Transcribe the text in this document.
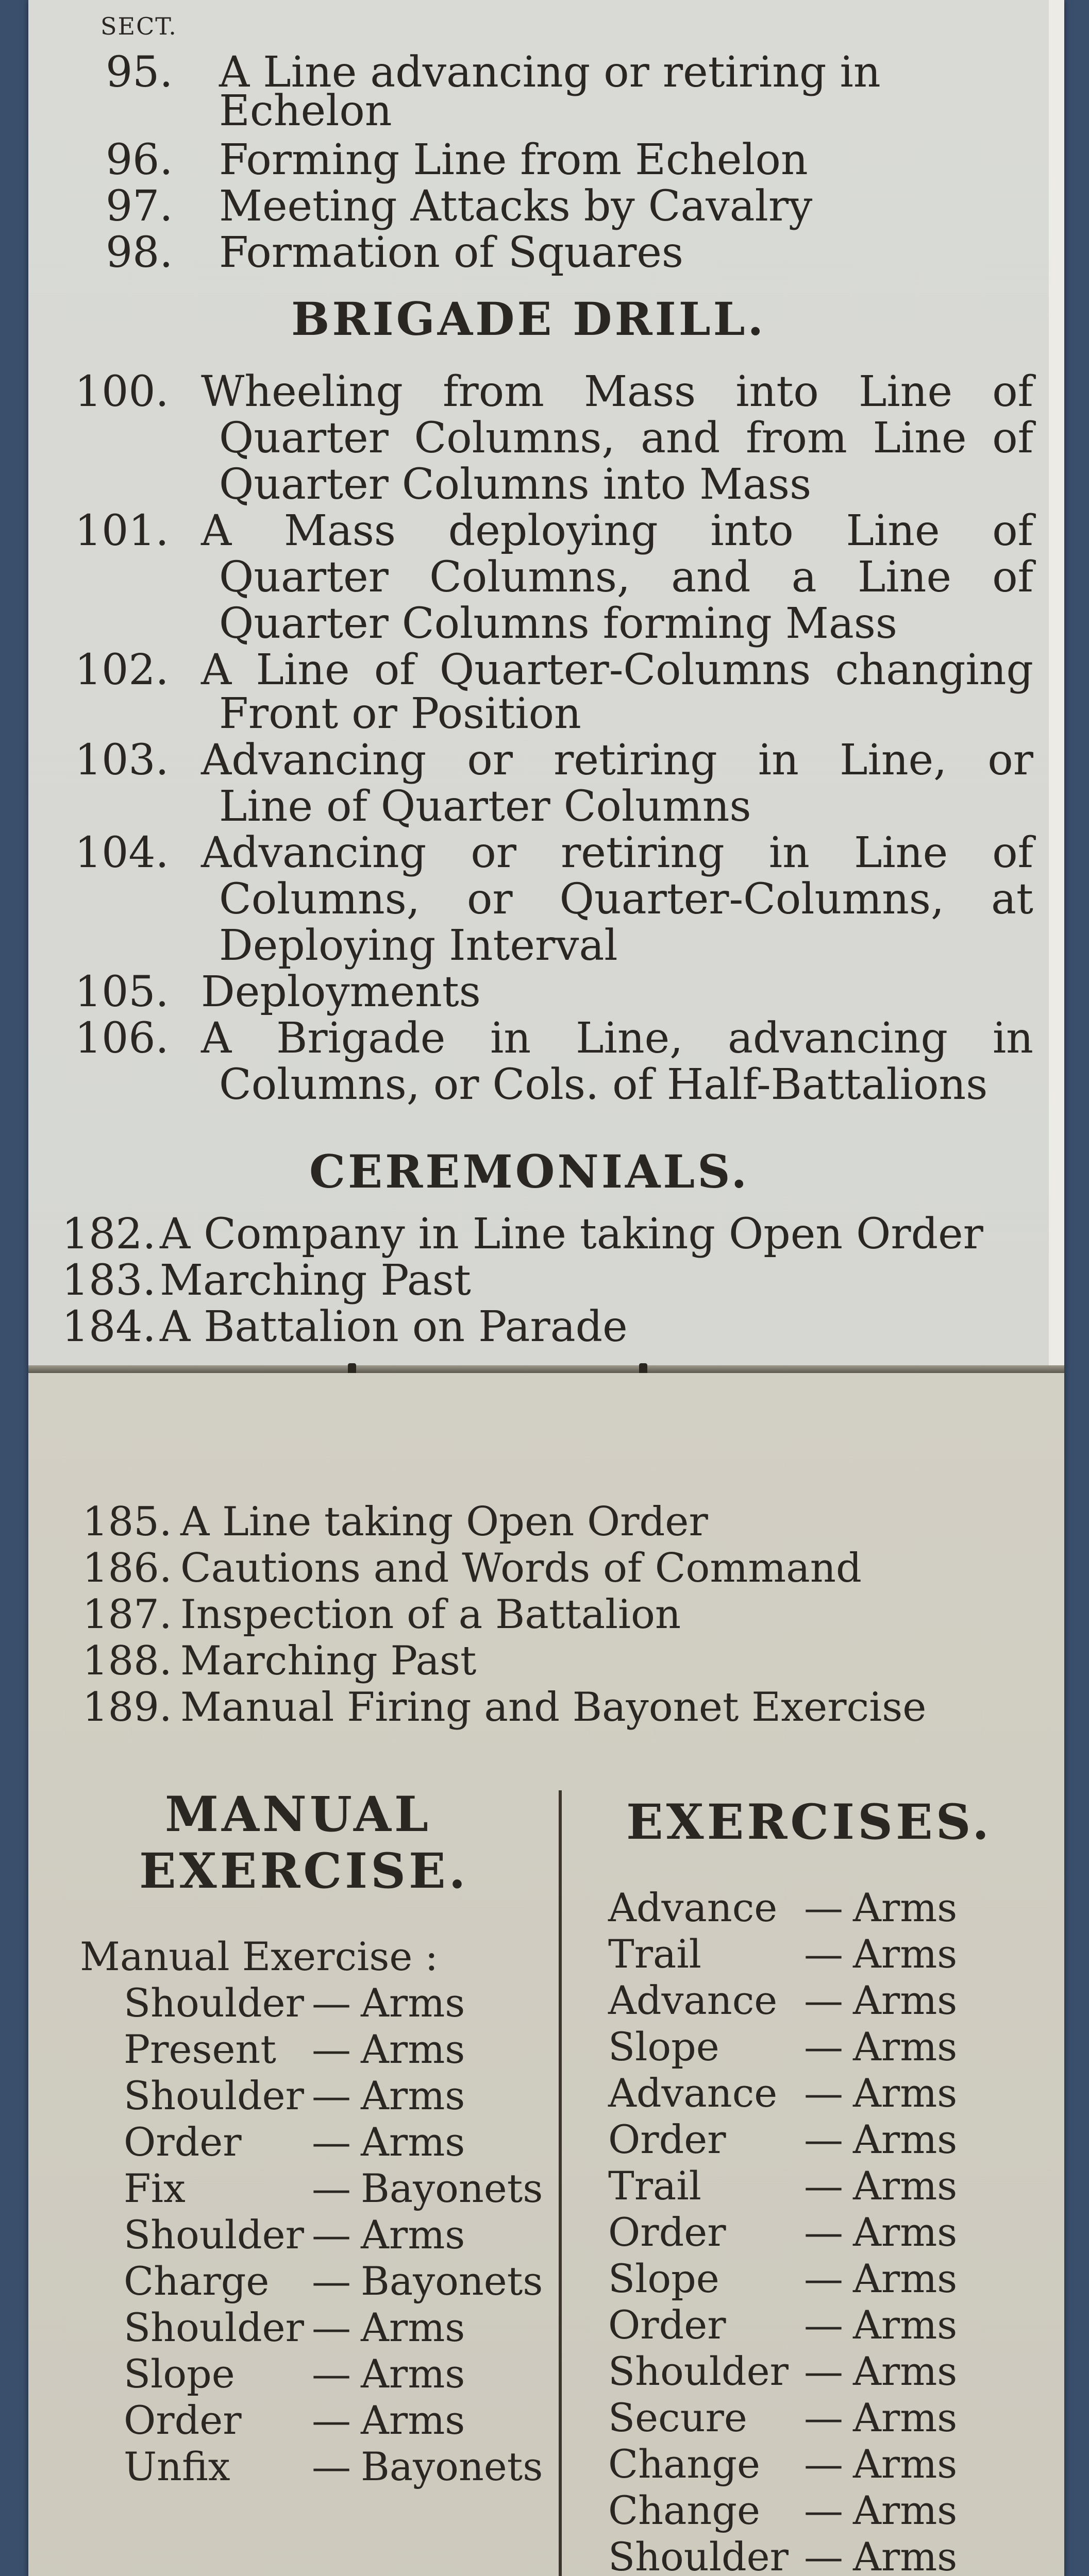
SECT.
95. A Line advancing or retiring in
Echelon
96. Forming Line from Echelon
97. Meeting Attacks by Cavalry
98. Formation of Squares
BRIGADE DRILL.
100. Wheeling from Mass into Line of
Quarter Columns, and from Line of
Quarter Columns into Mass
101. A Mass deploying into Line of
Quarter Columns, and a Line of
Quarter Columns forming Mass
102. A Line of Quarter-Columns changing
Front or Position
103. Advancing or retiring in Line, or
Line of Quarter Columns
104. Advancing or retiring in Line of
Columns, or Quarter-Columns, at
Deploying Interval
105. Deployments
106. A Brigade in Line, advancing in
Columns, or Cols. of Half-Battalions
CEREMONIALS.
182.A Company in Line taking Open Order
183.Marching Past
184.A Battalion on Parade
185. A Line taking Open Order
186. Cautions and Words of Command
187. Inspection of a Battalion
188. Marching Past
189. Manual Firing and Bayonet Exercise
MANUAL
EXERCISE.
Manual Exercise :
Shoulder — Arms
Present — Arms
Shoulder — Arms
Order — Arms
Fix	— Bayonets
Shoulder — Arms
Charge — Bayonets
Shoulder — Arms
Slope — Arms
Order — Arms
Unfix — Bayonets
EXERCISES.
Advance — Arms
Trail	— Arms
Advance — Arms
Slope — Arms
Advance — Arms
Order — Arms
Trail	— Arms
Order — Arms
Slope — Arms
Order — Arms
Shoulder — Arms
Secure — Arms
Change — Arms
Change — Arms
Shoulder — Arms
